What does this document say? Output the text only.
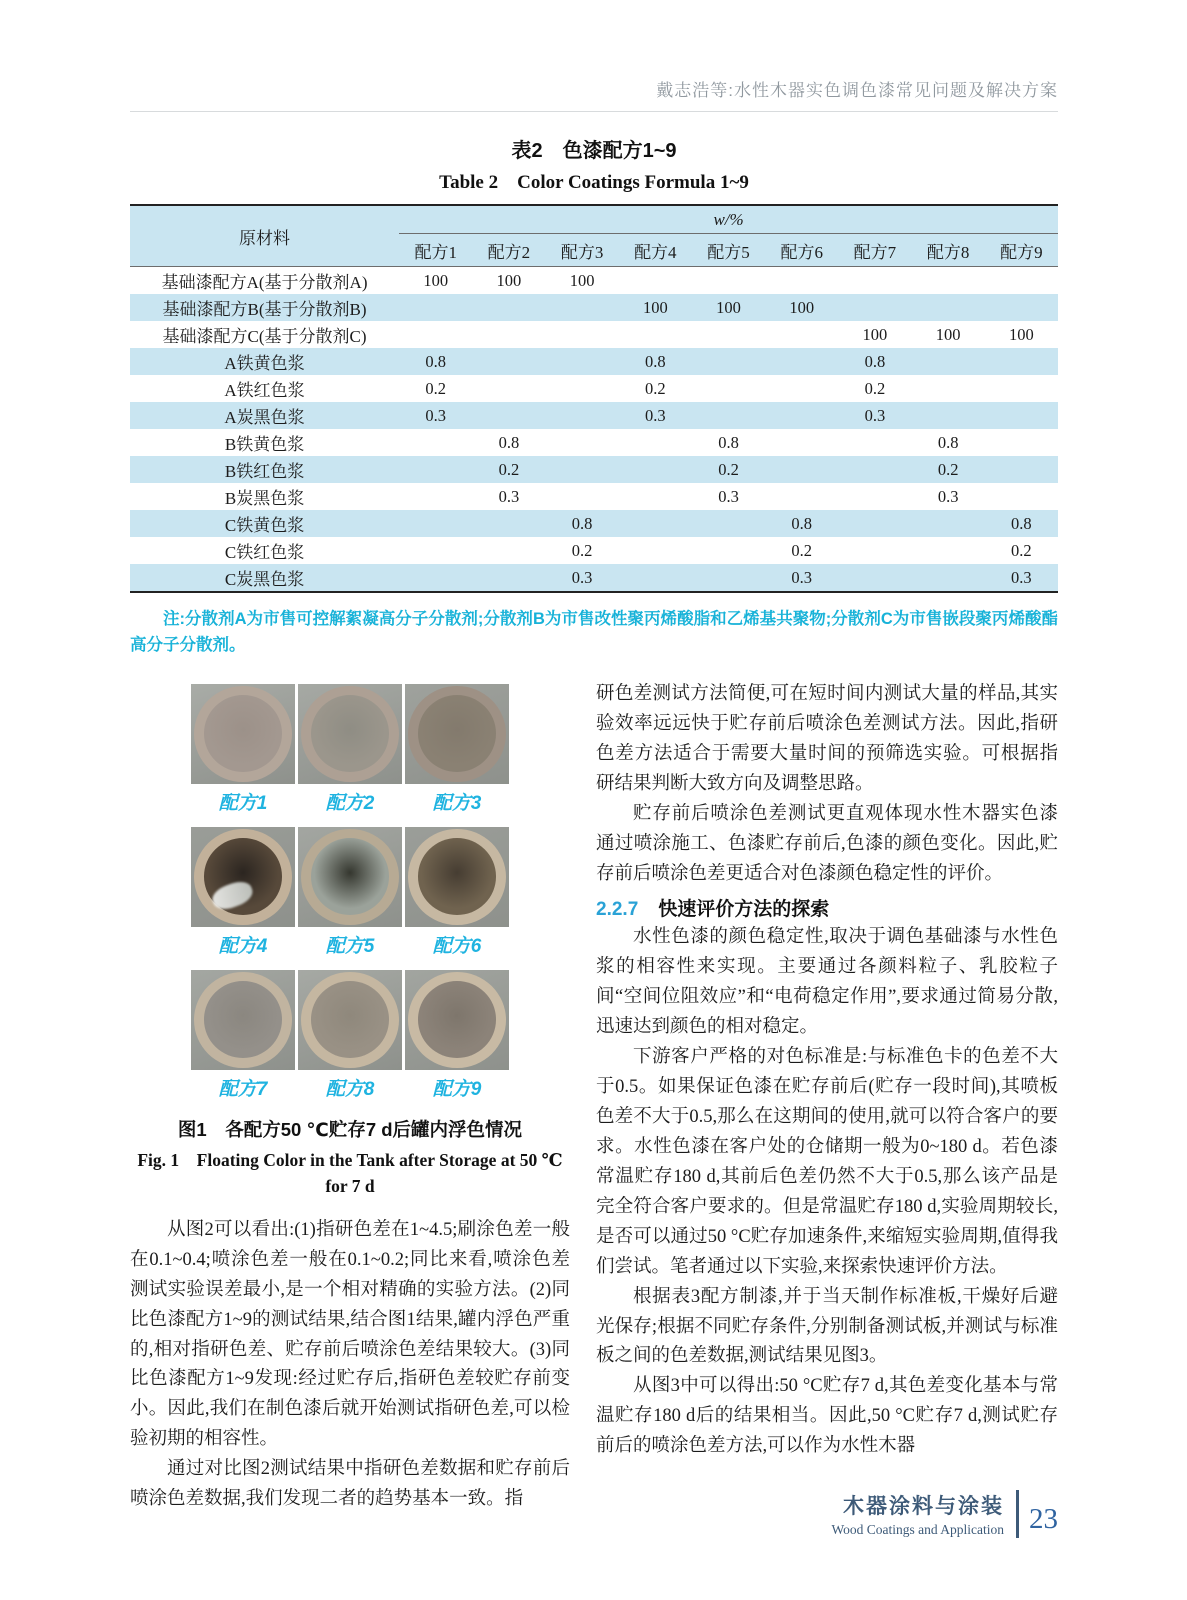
戴志浩等:水性木器实色调色漆常见问题及解决方案
表2　色漆配方1~9
Table 2　Color Coatings Formula 1~9
原材料	w/%								
	配方1	配方2	配方3	配方4	配方5	配方6	配方7	配方8	配方9
基础漆配方A(基于分散剂A)	100	100	100						
基础漆配方B(基于分散剂B)				100	100	100			
基础漆配方C(基于分散剂C)							100	100	100
A铁黄色浆	0.8			0.8			0.8		
A铁红色浆	0.2			0.2			0.2		
A炭黑色浆	0.3			0.3			0.3		
B铁黄色浆		0.8			0.8			0.8	
B铁红色浆		0.2			0.2			0.2	
B炭黑色浆		0.3			0.3			0.3	
C铁黄色浆			0.8			0.8			0.8
C铁红色浆			0.2			0.2			0.2
C炭黑色浆			0.3			0.3			0.3

注:分散剂A为市售可控解絮凝高分子分散剂;分散剂B为市售改性聚丙烯酸脂和乙烯基共聚物;分散剂C为市售嵌段聚丙烯酸酯高分子分散剂。

配方1	配方2	配方3
配方4	配方5	配方6
配方7	配方8	配方9
图1　各配方50 ℃贮存7 d后罐内浮色情况
Fig. 1　Floating Color in the Tank after Storage at 50 ℃
for 7 d

从图2可以看出:(1)指研色差在1~4.5;刷涂色差一般在0.1~0.4;喷涂色差一般在0.1~0.2;同比来看,喷涂色差测试实验误差最小,是一个相对精确的实验方法。(2)同比色漆配方1~9的测试结果,结合图1结果,罐内浮色严重的,相对指研色差、贮存前后喷涂色差结果较大。(3)同比色漆配方1~9发现:经过贮存后,指研色差较贮存前变小。因此,我们在制色漆后就开始测试指研色差,可以检验初期的相容性。

通过对比图2测试结果中指研色差数据和贮存前后喷涂色差数据,我们发现二者的趋势基本一致。指

研色差测试方法简便,可在短时间内测试大量的样品,其实验效率远远快于贮存前后喷涂色差测试方法。因此,指研色差方法适合于需要大量时间的预筛选实验。可根据指研结果判断大致方向及调整思路。

贮存前后喷涂色差测试更直观体现水性木器实色漆通过喷涂施工、色漆贮存前后,色漆的颜色变化。因此,贮存前后喷涂色差更适合对色漆颜色稳定性的评价。

2.2.7 快速评价方法的探索

水性色漆的颜色稳定性,取决于调色基础漆与水性色浆的相容性来实现。主要通过各颜料粒子、乳胶粒子间“空间位阻效应”和“电荷稳定作用”,要求通过简易分散,迅速达到颜色的相对稳定。

下游客户严格的对色标准是:与标准色卡的色差不大于0.5。如果保证色漆在贮存前后(贮存一段时间),其喷板色差不大于0.5,那么在这期间的使用,就可以符合客户的要求。水性色漆在客户处的仓储期一般为0~180 d。若色漆常温贮存180 d,其前后色差仍然不大于0.5,那么该产品是完全符合客户要求的。但是常温贮存180 d,实验周期较长,是否可以通过50 °C贮存加速条件,来缩短实验周期,值得我们尝试。笔者通过以下实验,来探索快速评价方法。

根据表3配方制漆,并于当天制作标准板,干燥好后避光保存;根据不同贮存条件,分别制备测试板,并测试与标准板之间的色差数据,测试结果见图3。

从图3中可以得出:50 °C贮存7 d,其色差变化基本与常温贮存180 d后的结果相当。因此,50 °C贮存7 d,测试贮存前后的喷涂色差方法,可以作为水性木器

木器涂料与涂装
Wood Coatings and Application 23
